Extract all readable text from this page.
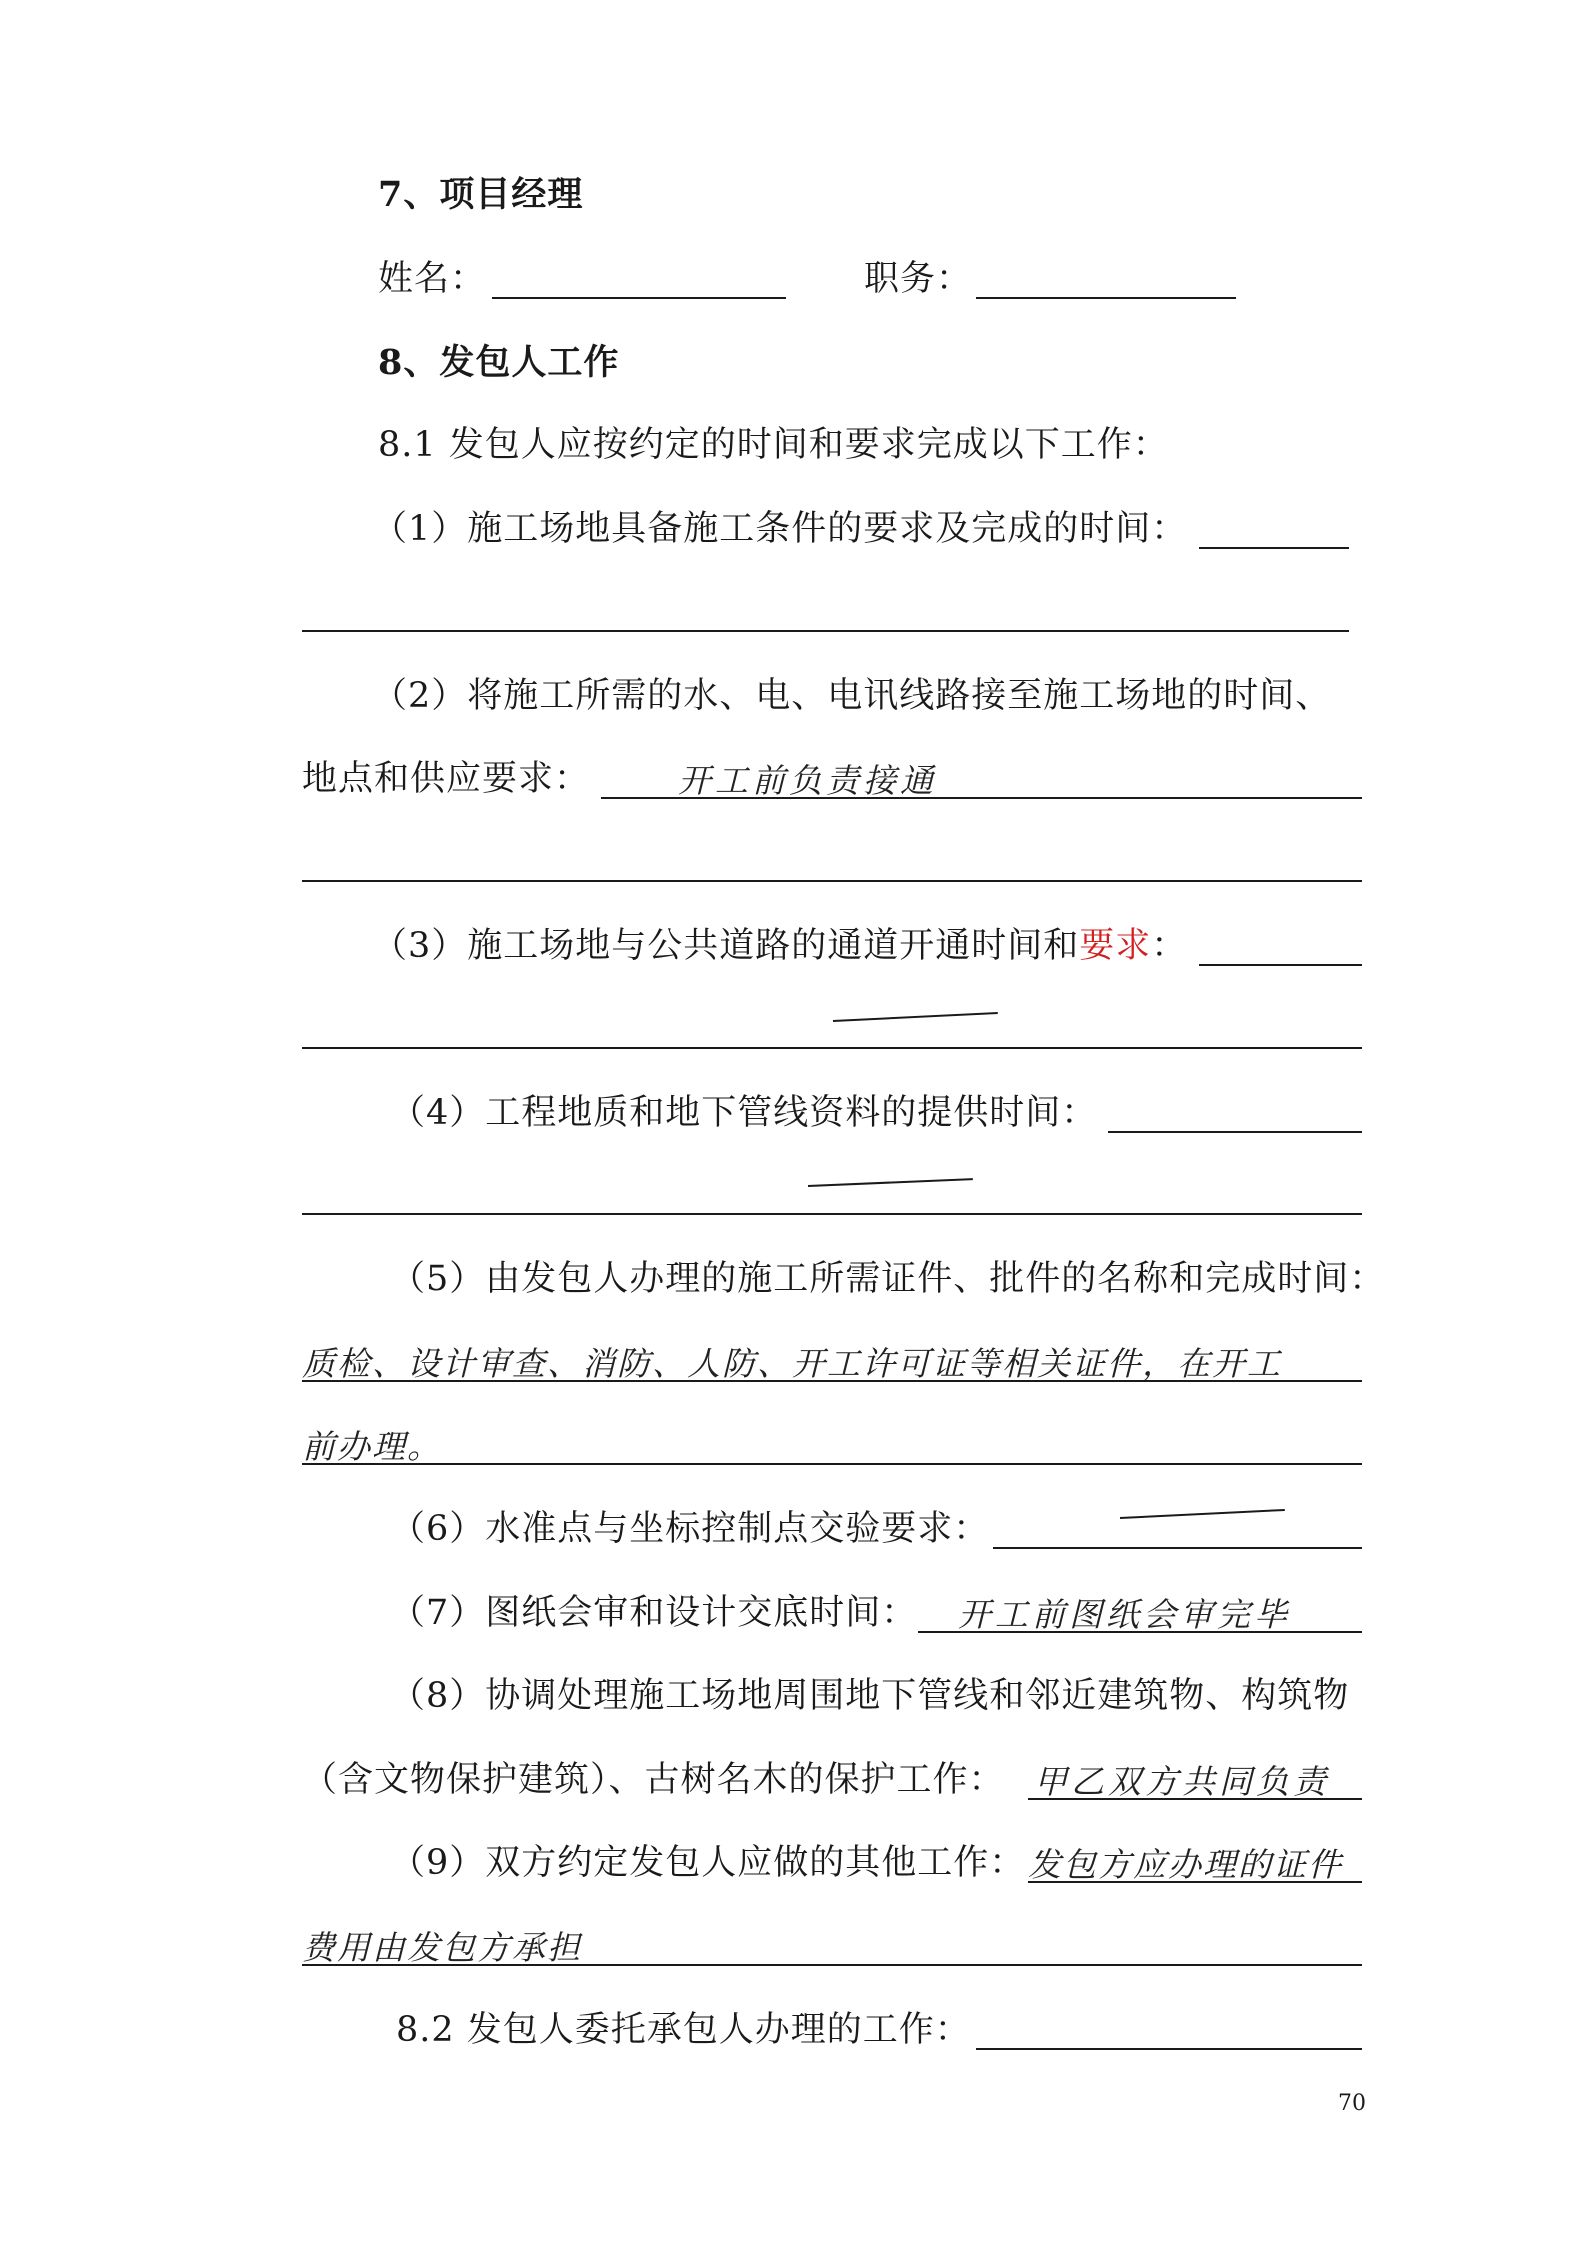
7、项目经理
姓名：	职务：
8、发包人工作
8.1 发包人应按约定的时间和要求完成以下工作：
（1）施工场地具备施工条件的要求及完成的时间：
（2）将施工所需的水、电、电讯线路接至施工场地的时间、
地点和供应要求：	开工前负责接通
（3）施工场地与公共道路的通道开通时间和要求：
（4）工程地质和地下管线资料的提供时间：
（5）由发包人办理的施工所需证件、批件的名称和完成时间：
质检、设计审查、消防、人防、开工许可证等相关证件，在开工
前办理。
（6）水准点与坐标控制点交验要求：
（7）图纸会审和设计交底时间： 开工前图纸会审完毕
（8）协调处理施工场地周围地下管线和邻近建筑物、构筑物
（含文物保护建筑）、古树名木的保护工作： 甲乙双方共同负责
（9）双方约定发包人应做的其他工作： 发包方应办理的证件
费用由发包方承担
8.2 发包人委托承包人办理的工作：
70
